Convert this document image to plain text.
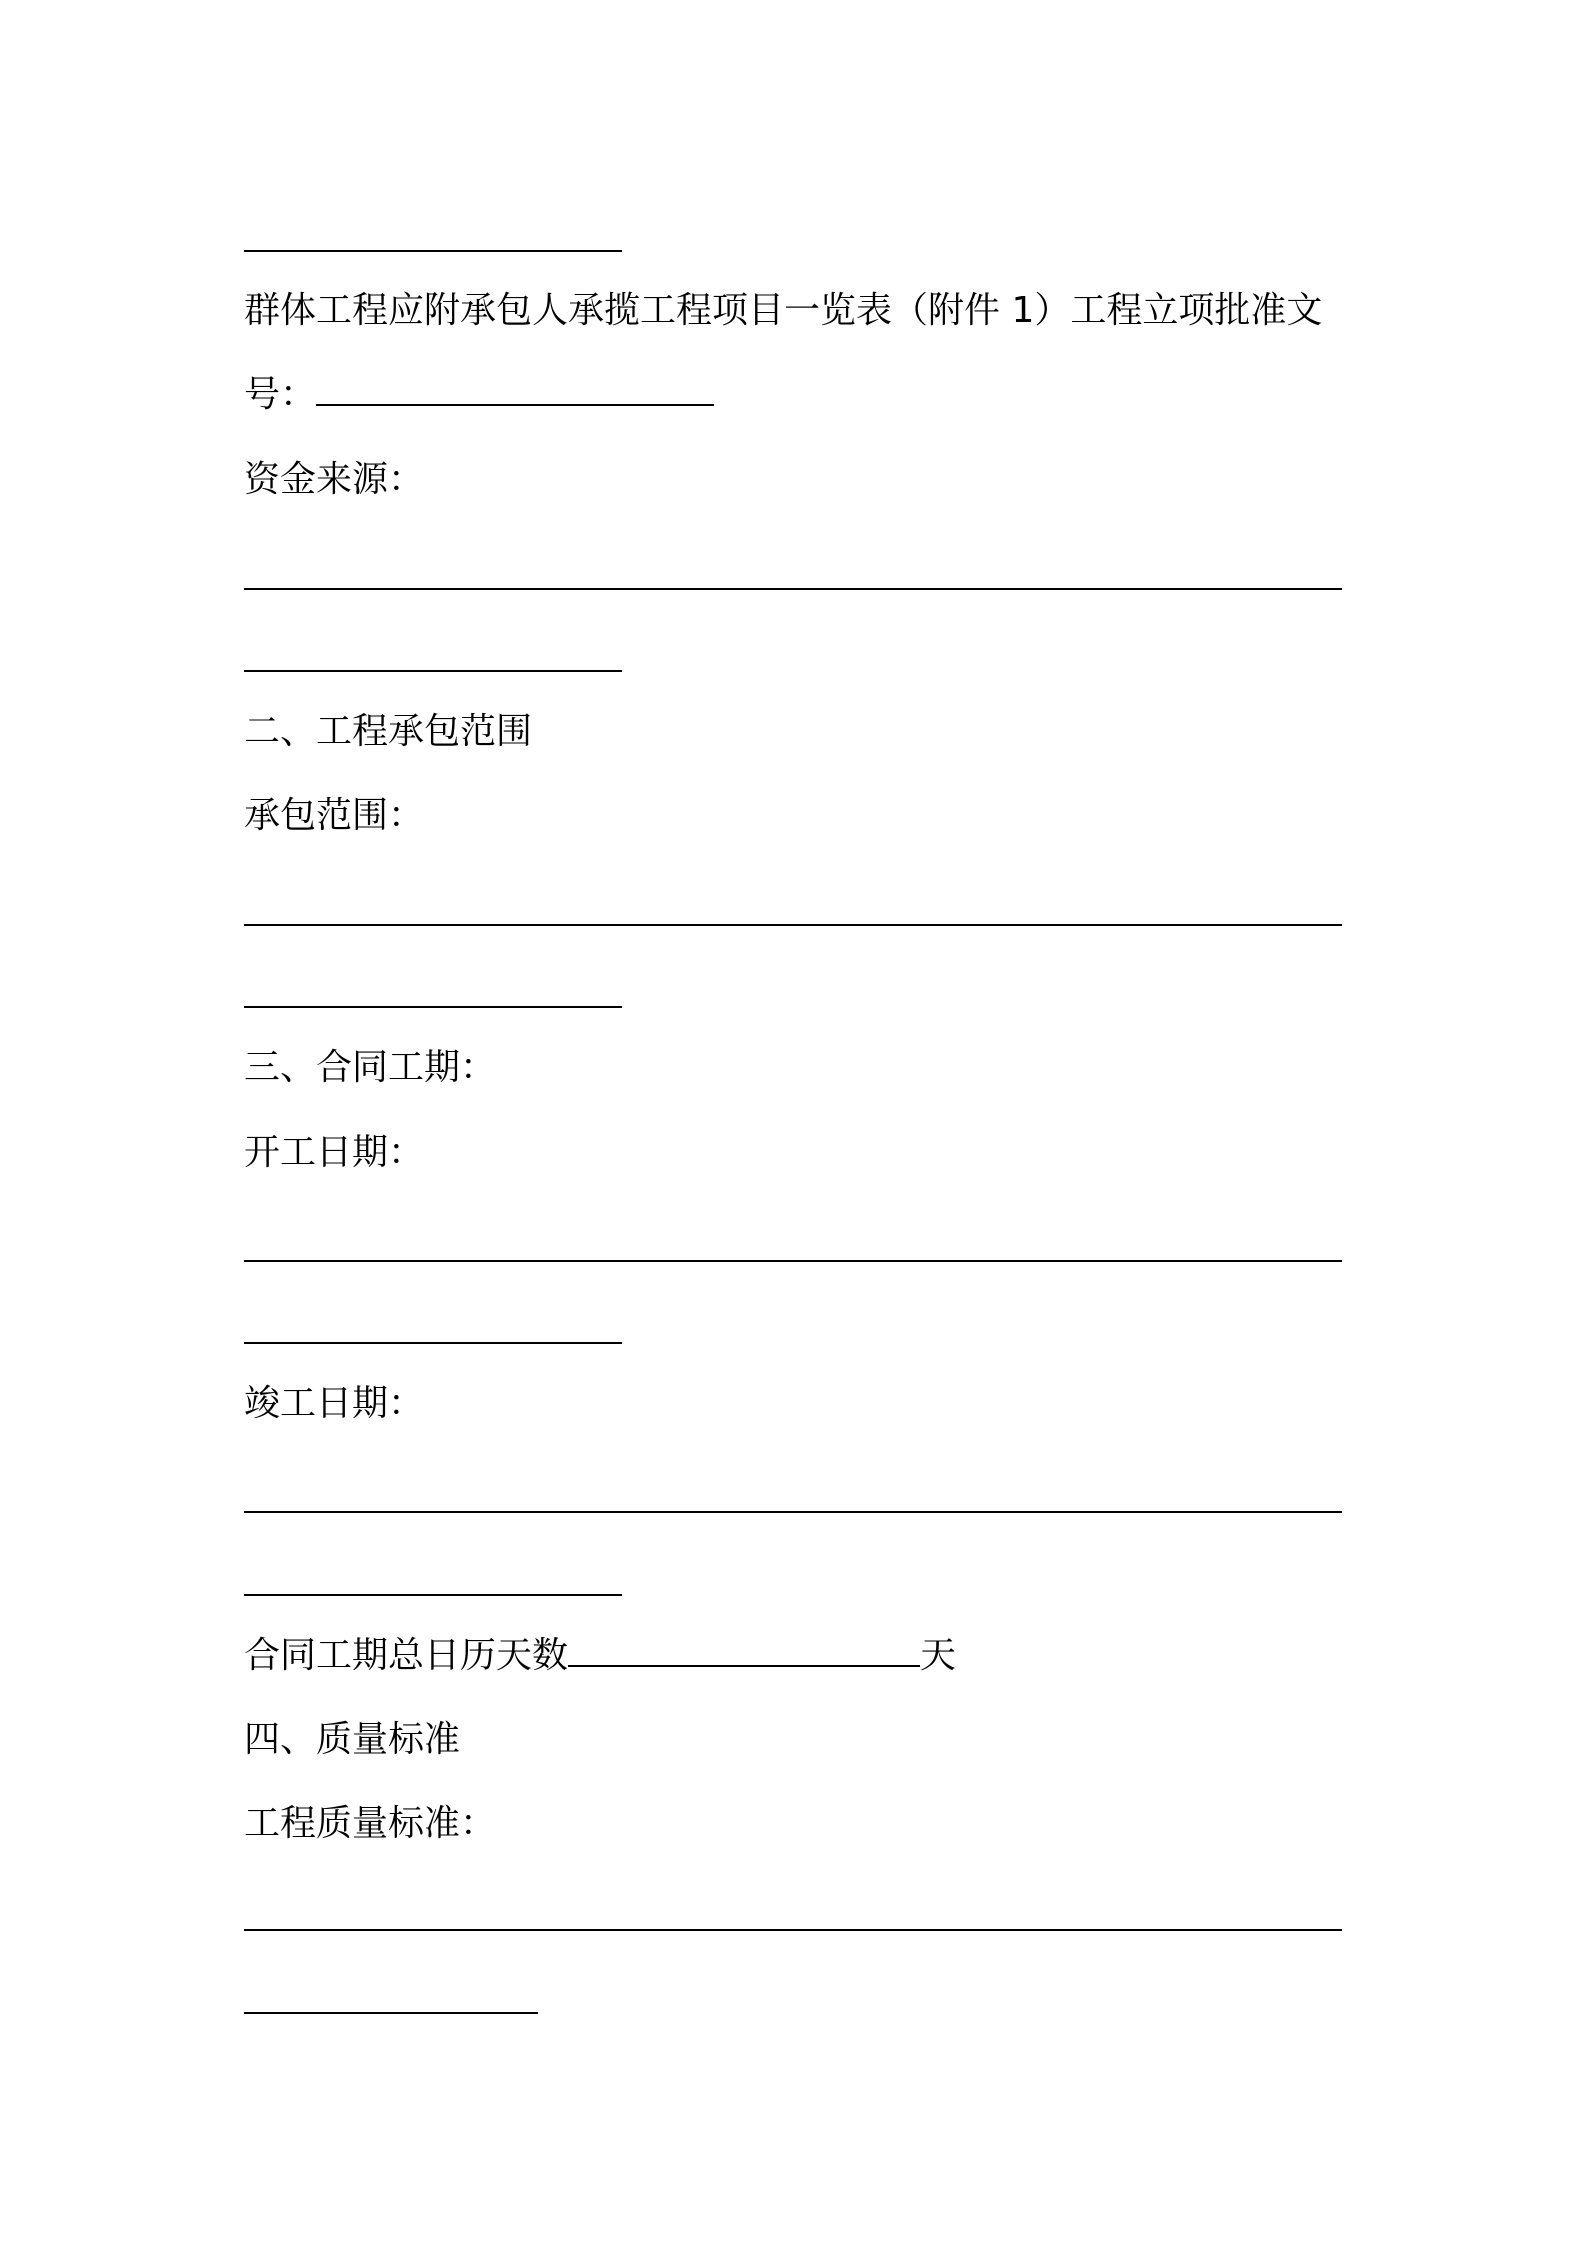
群体工程应附承包人承揽工程项目一览表（附件 1）工程立项批准文
号：
资金来源：
二、工程承包范围
承包范围：
三、合同工期：
开工日期：
竣工日期：
合同工期总日历天数	天
四、质量标准
工程质量标准：
